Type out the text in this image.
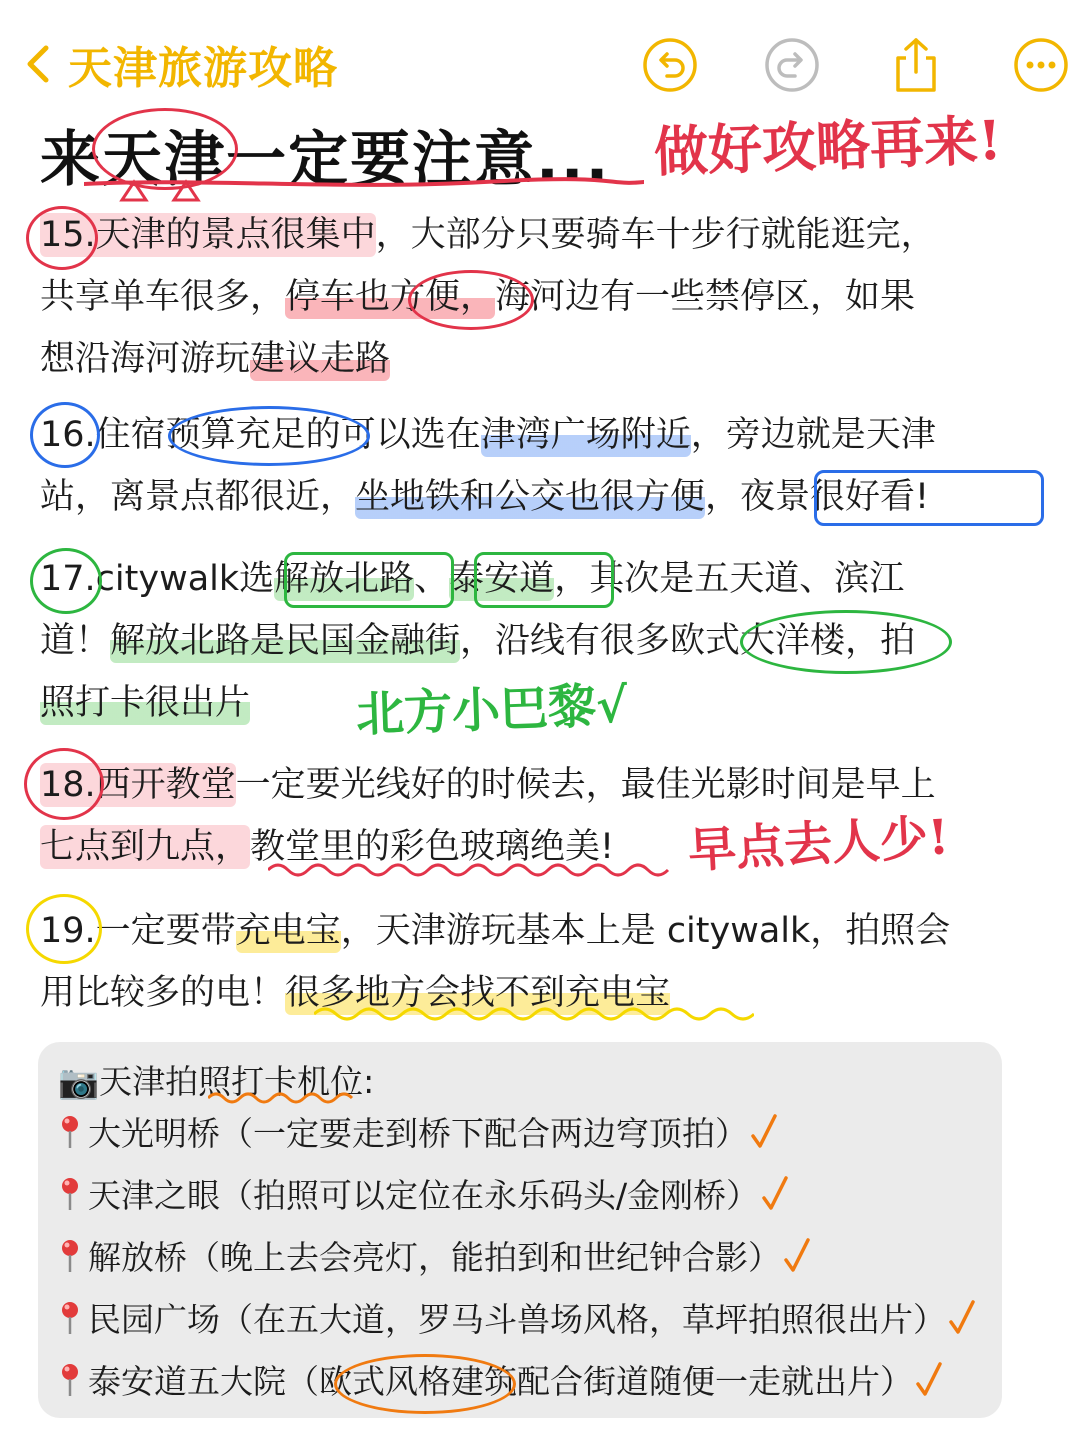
天津旅游攻略
来天津一定要注意... 做好攻略再来!
15.天津的景点很集中，大部分只要骑车十步行就能逛完，
共享单车很多，停车也方便，海河边有一些禁停区，如果
想沿海河游玩建议走路
16.住宿预算充足的可以选在津湾广场附近，旁边就是天津
站，离景点都很近，坐地铁和公交也很方便，夜景很好看!
17.citywalk选解放北路、泰安道，其次是五天道、滨江
道！解放北路是民国金融街，沿线有很多欧式大洋楼，拍
照打卡很出片	北方小巴黎√
18.西开教堂一定要光线好的时候去，最佳光影时间是早上
七点到九点，教堂里的彩色玻璃绝美!	早点去人少!
19.一定要带充电宝，天津游玩基本上是 citywalk，拍照会
用比较多的电！很多地方会找不到充电宝
📷天津拍照打卡机位:
大光明桥（一定要走到桥下配合两边穹顶拍）
天津之眼（拍照可以定位在永乐码头/金刚桥）
解放桥（晚上去会亮灯，能拍到和世纪钟合影）
民园广场（在五大道，罗马斗兽场风格，草坪拍照很出片）
泰安道五大院（欧式风格建筑配合街道随便一走就出片）
